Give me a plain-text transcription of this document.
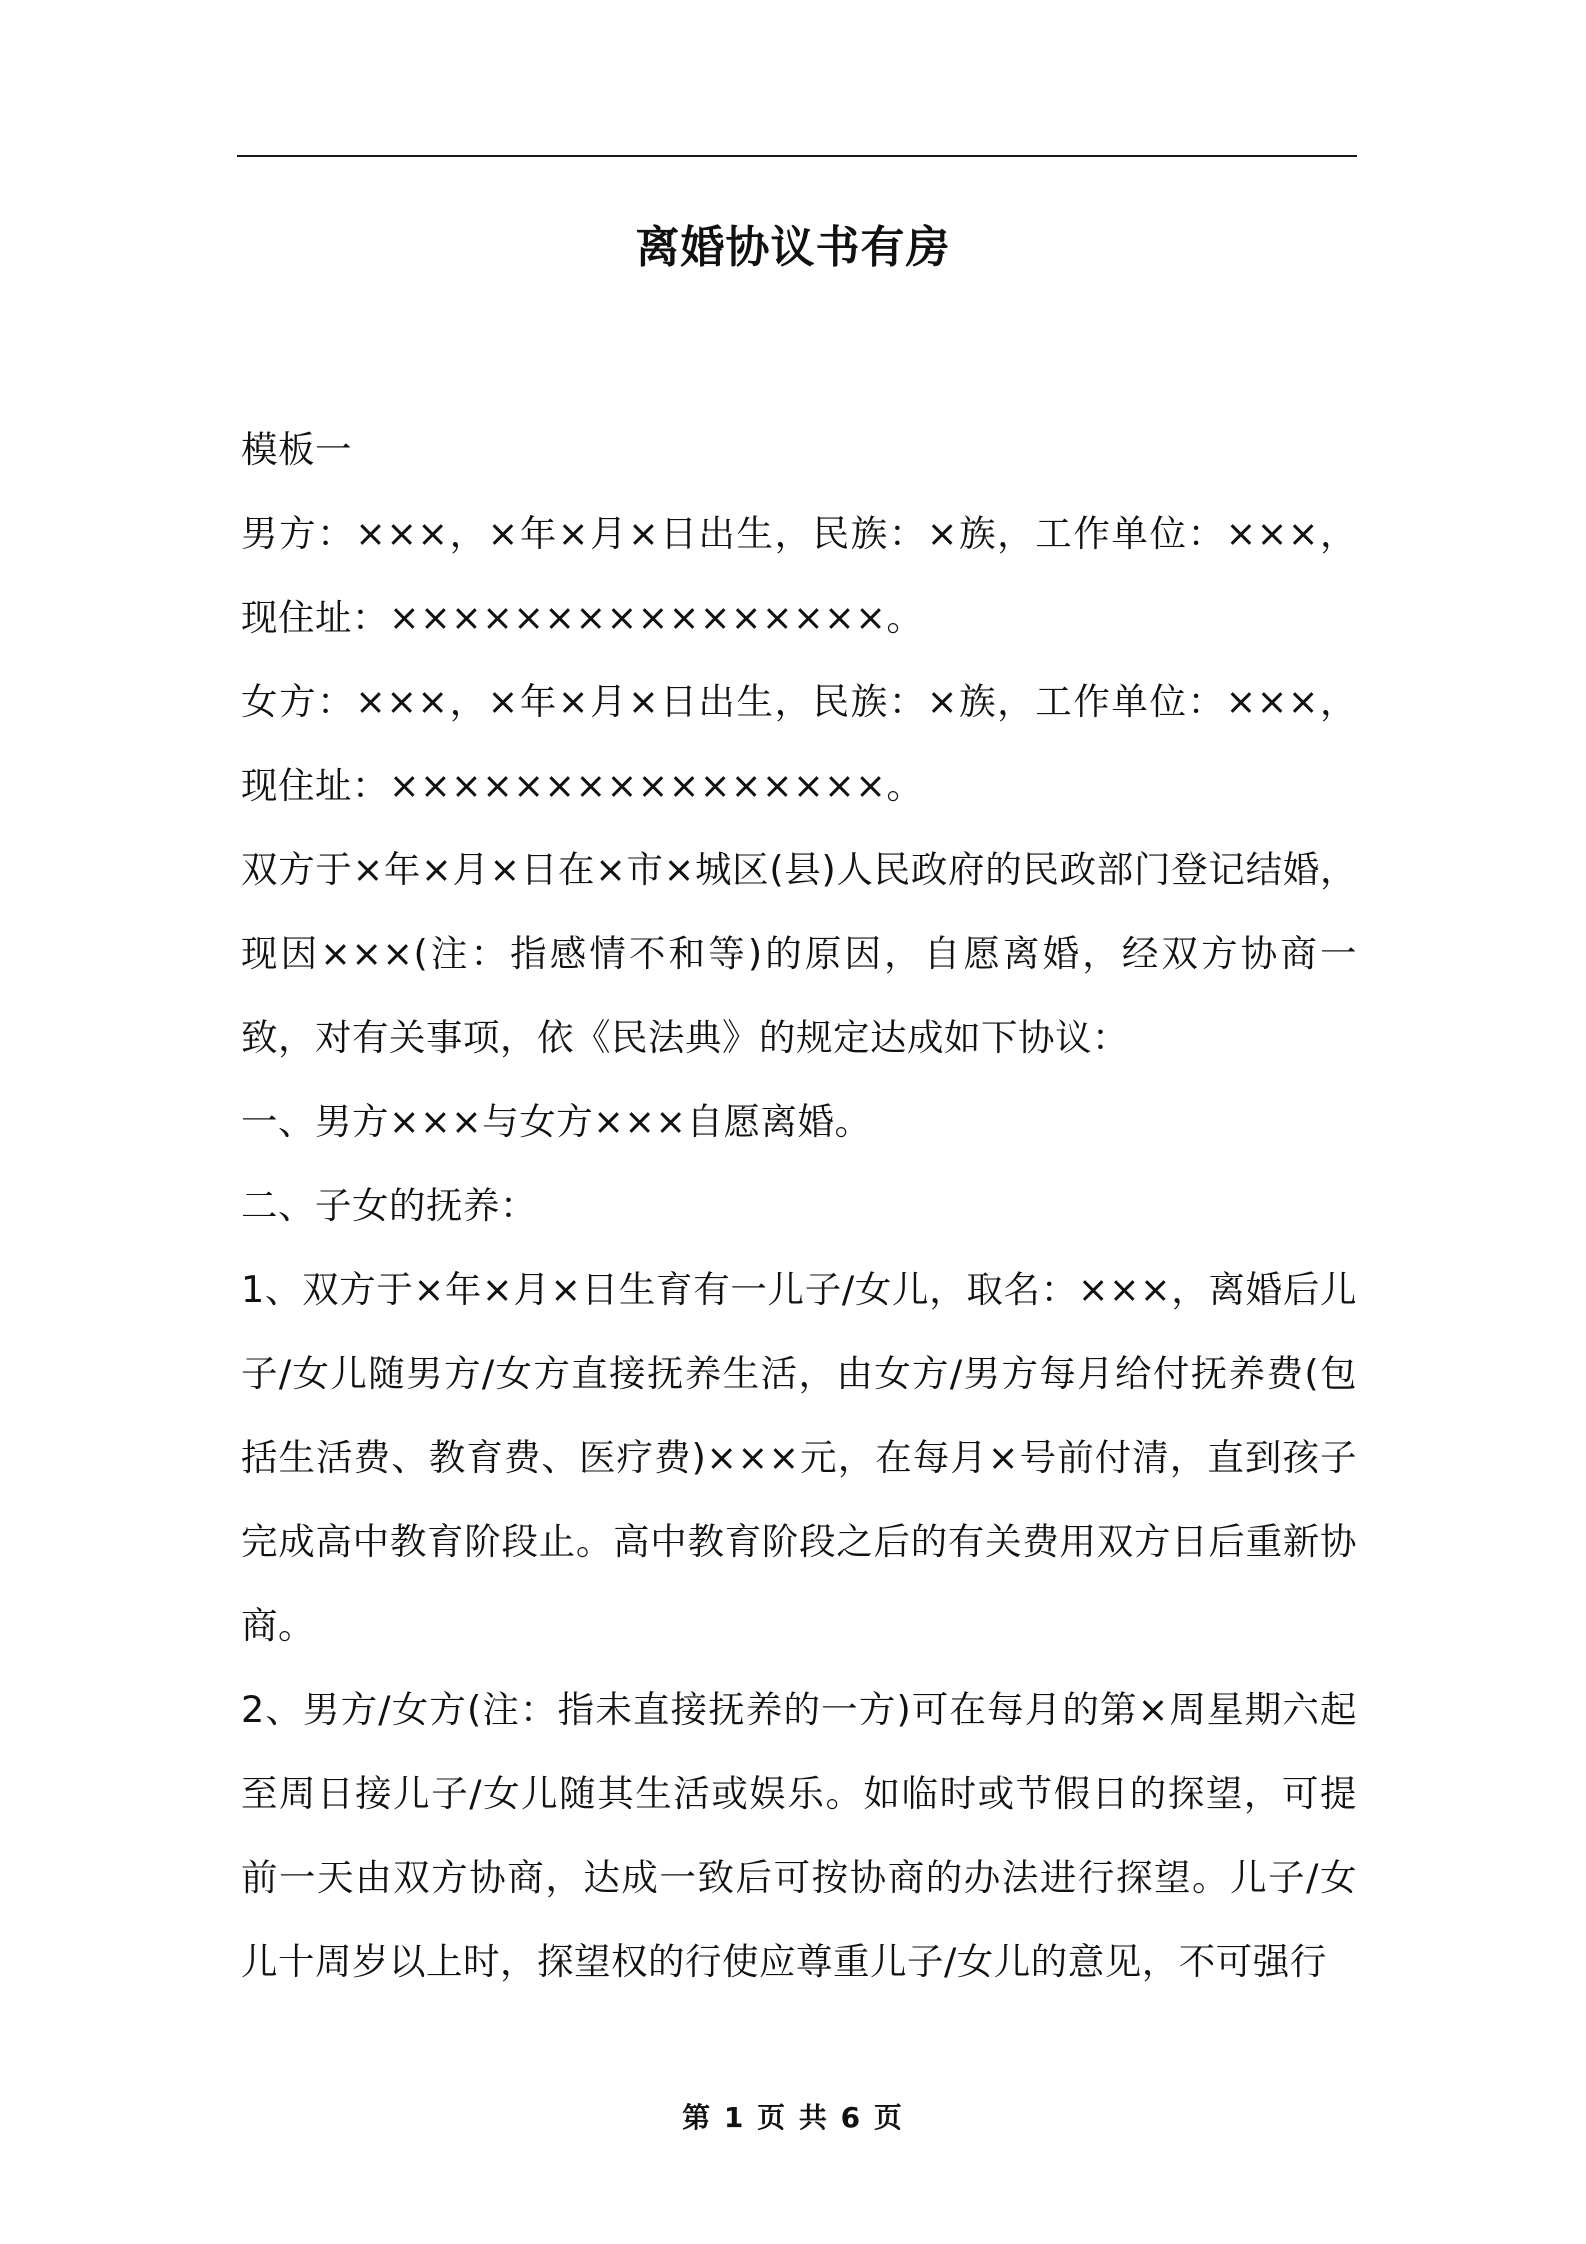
离婚协议书有房

模板一

男方：×××，×年×月×日出生，民族：×族，工作单位：×××，现住址：××××××××××××××××。

女方：×××，×年×月×日出生，民族：×族，工作单位：×××，现住址：××××××××××××××××。

双方于×年×月×日在×市×城区(县)人民政府的民政部门登记结婚，现因×××(注：指感情不和等)的原因，自愿离婚，经双方协商一致，对有关事项，依《民法典》的规定达成如下协议：

一、男方×××与女方×××自愿离婚。

二、子女的抚养：

1、双方于×年×月×日生育有一儿子/女儿，取名：×××，离婚后儿子/女儿随男方/女方直接抚养生活，由女方/男方每月给付抚养费(包括生活费、教育费、医疗费)×××元，在每月×号前付清，直到孩子完成高中教育阶段止。高中教育阶段之后的有关费用双方日后重新协商。

2、男方/女方(注：指未直接抚养的一方)可在每月的第×周星期六起至周日接儿子/女儿随其生活或娱乐。如临时或节假日的探望，可提前一天由双方协商，达成一致后可按协商的办法进行探望。儿子/女儿十周岁以上时，探望权的行使应尊重儿子/女儿的意见，不可强行

第 1 页 共 6 页
